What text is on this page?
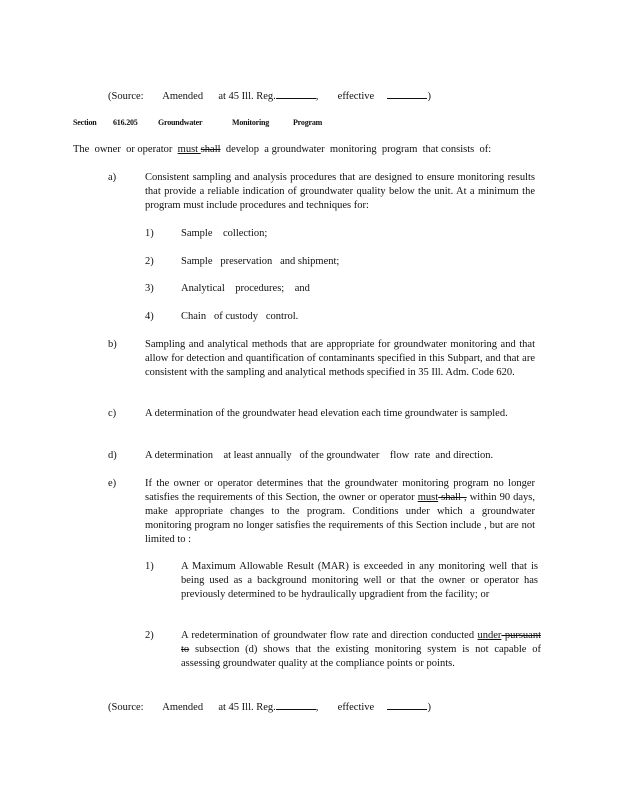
(Source: Amended at 45 Ill. Reg.	,  effective	)
Section 616.205	Groundwater	Monitoring	Program
The  owner  or operator  must shall  develop  a groundwater  monitoring  program  that consists  of:
a)	Consistent sampling and analysis procedures that are designed to ensure monitoring results that provide a reliable indication of groundwater quality below the unit. At a minimum the program must include procedures and techniques for:
1)	Sample    collection;
2)	Sample   preservation   and shipment;
3)	Analytical    procedures;    and
4)	Chain   of custody   control.
b)	Sampling and analytical methods that are appropriate for groundwater monitoring and that allow for detection and quantification of contaminants specified in this Subpart, and that are consistent with the sampling and analytical methods specified in 35 Ill. Adm. Code 620.
c)	A determination of the groundwater head elevation each time groundwater is sampled.
d)	A determination    at least annually   of the groundwater    flow  rate  and direction.
e)	If the owner or operator determines that the groundwater monitoring program no longer satisfies the requirements of this Section, the owner or operator must shall , within 90 days, make appropriate changes to the program. Conditions under which a groundwater monitoring program no longer satisfies the requirements of this Section include , but are not limited to :
1)	A Maximum Allowable Result (MAR) is exceeded in any monitoring well that is being used as a background monitoring well or that the owner or operator has previously determined to be hydraulically upgradient from the facility; or
2)	A redetermination of groundwater flow rate and direction conducted under pursuant to subsection (d) shows that the existing monitoring system is not capable of assessing groundwater quality at the compliance points or points.
(Source: Amended at 45 Ill. Reg.	,  effective	)
